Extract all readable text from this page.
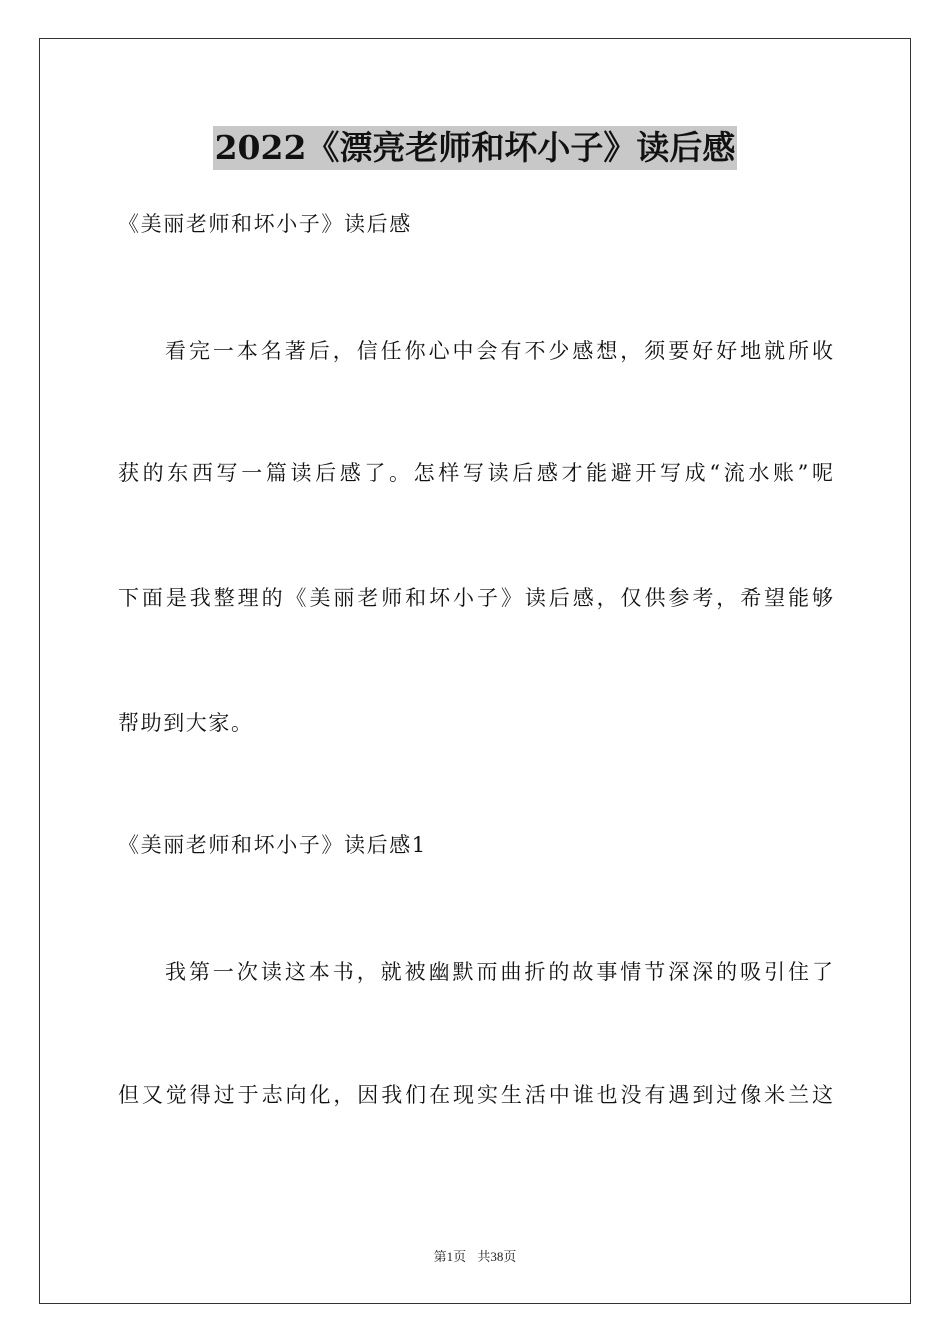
2022《漂亮老师和坏小子》读后感
《美丽老师和坏小子》读后感
看完一本名著后，信任你心中会有不少感想，须要好好地就所收
获的东西写一篇读后感了。怎样写读后感才能避开写成“流水账”呢
下面是我整理的《美丽老师和坏小子》读后感，仅供参考，希望能够
帮助到大家。
《美丽老师和坏小子》读后感1
我第一次读这本书，就被幽默而曲折的故事情节深深的吸引住了
但又觉得过于志向化，因我们在现实生活中谁也没有遇到过像米兰这
第1页 共38页
